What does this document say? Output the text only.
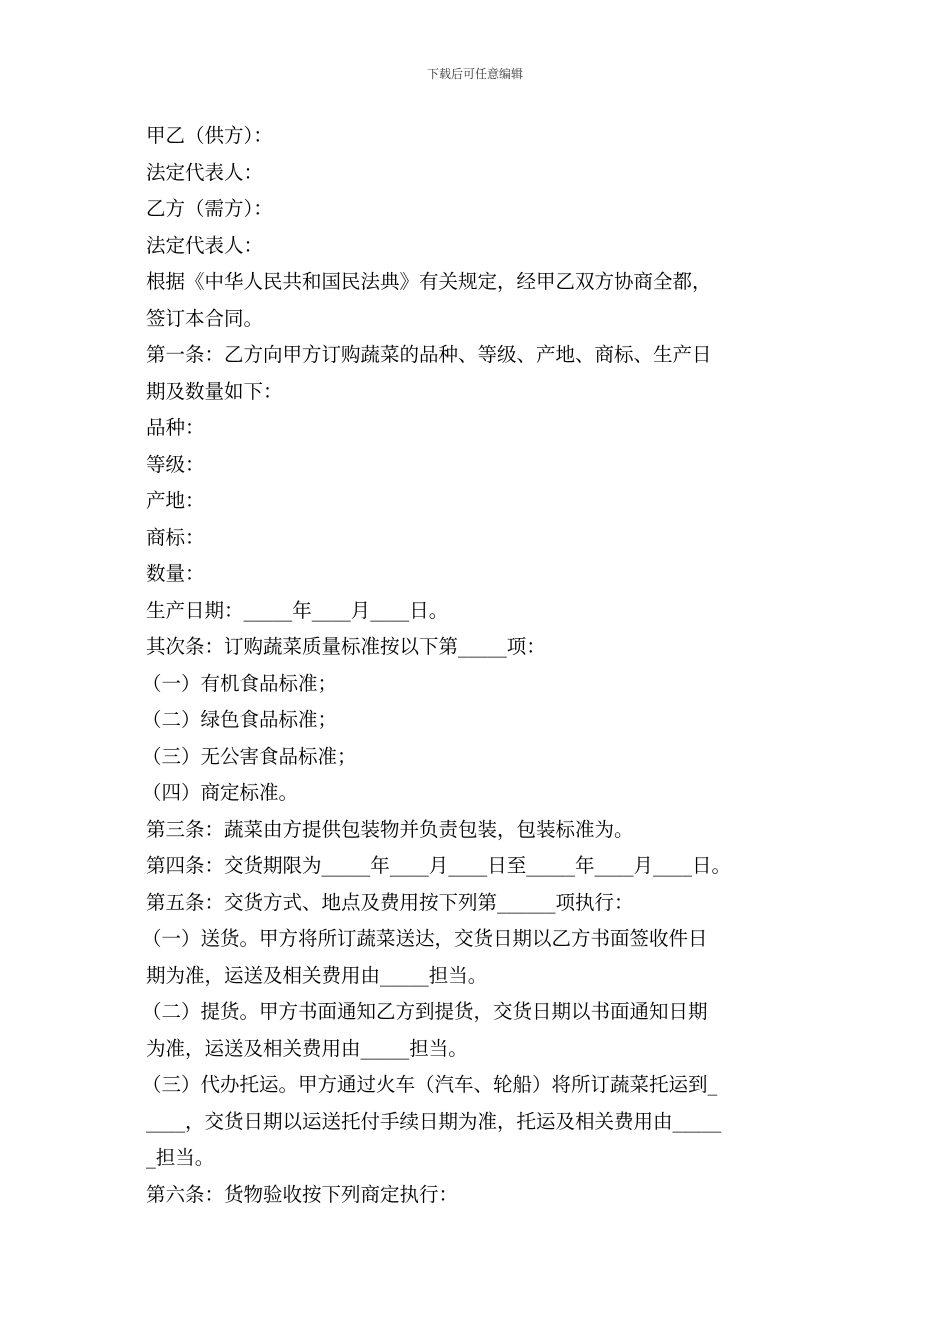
下载后可任意编辑
甲乙（供方）：
法定代表人：
乙方（需方）：
法定代表人：
根据《中华人民共和国民法典》有关规定，经甲乙双方协商全都，
签订本合同。
第一条：乙方向甲方订购蔬菜的品种、等级、产地、商标、生产日
期及数量如下：
品种：
等级：
产地：
商标：
数量：
生产日期：_____年____月____日。
其次条：订购蔬菜质量标准按以下第_____项：
（一）有机食品标准；
（二）绿色食品标准；
（三）无公害食品标准；
（四）商定标准。
第三条：蔬菜由方提供包装物并负责包装，包装标准为。
第四条：交货期限为_____年____月____日至_____年____月____日。
第五条：交货方式、地点及费用按下列第______项执行：
（一）送货。甲方将所订蔬菜送达，交货日期以乙方书面签收件日
期为准，运送及相关费用由_____担当。
（二）提货。甲方书面通知乙方到提货，交货日期以书面通知日期
为准，运送及相关费用由_____担当。
（三）代办托运。甲方通过火车（汽车、轮船）将所订蔬菜托运到_
____，交货日期以运送托付手续日期为准，托运及相关费用由_____
_担当。
第六条：货物验收按下列商定执行：
